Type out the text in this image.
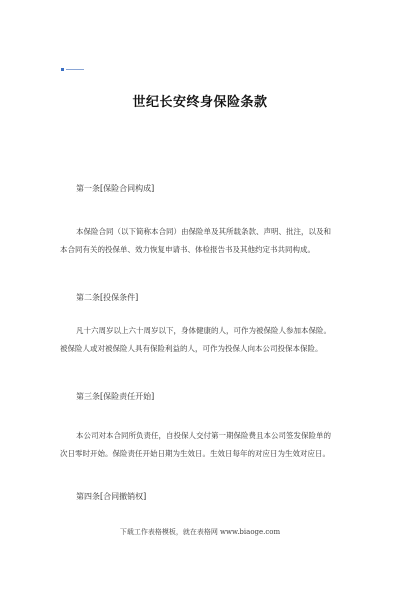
世纪长安终身保险条款
第一条[保险合同构成]
本保险合同（以下简称本合同）由保险单及其所载条款、声明、批注，以及和
本合同有关的投保单、效力恢复申请书、体检报告书及其他约定书共同构成。
第二条[投保条件]
凡十六周岁以上六十周岁以下，身体健康的人，可作为被保险人参加本保险。
被保险人或对被保险人具有保险利益的人，可作为投保人向本公司投保本保险。
第三条[保险责任开始]
本公司对本合同所负责任，自投保人交付第一期保险费且本公司签发保险单的
次日零时开始。保险责任开始日期为生效日。生效日每年的对应日为生效对应日。
第四条[合同撤销权]
下载工作表格模板，就在表格网 www.biaoge.com
